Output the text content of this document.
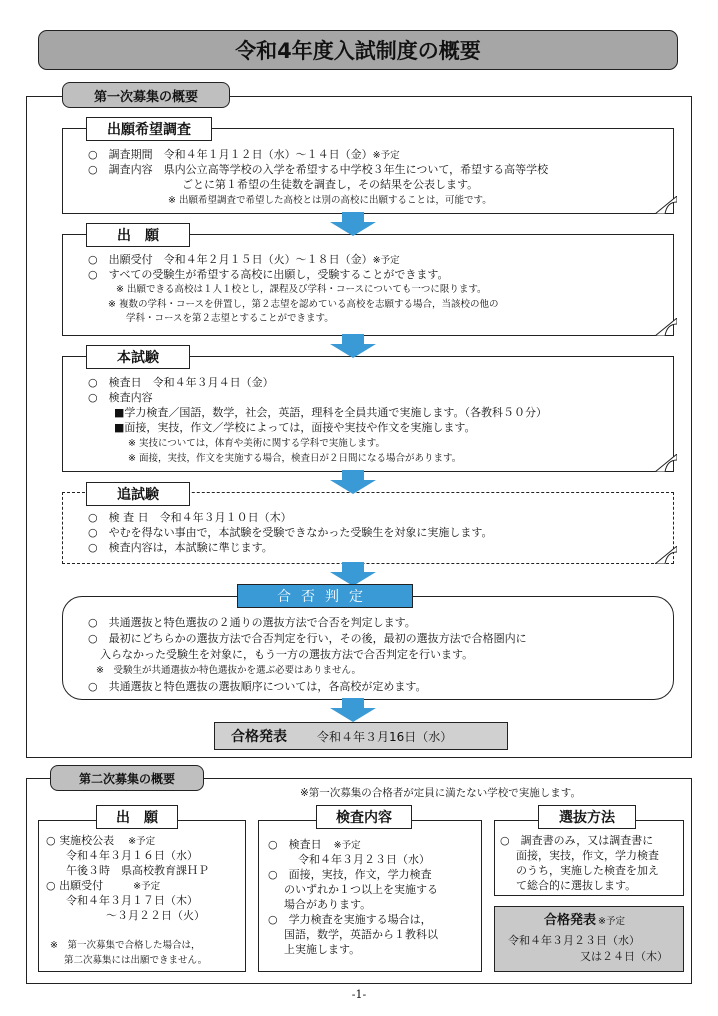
令和4年度入試制度の概要
第一次募集の概要
出願希望調査
○　調査期間　令和４年１月１２日（水）～１４日（金）※予定
○　調査内容　県内公立高等学校の入学を希望する中学校３年生について，希望する高等学校
ごとに第１希望の生徒数を調査し，その結果を公表します。
※ 出願希望調査で希望した高校とは別の高校に出願することは，可能です。
出　願
○　出願受付　令和４年２月１５日（火）～１８日（金）※予定
○　すべての受験生が希望する高校に出願し，受験することができます。
※ 出願できる高校は１人１校とし，課程及び学科・コースについても一つに限ります。
※ 複数の学科・コースを併置し，第２志望を認めている高校を志願する場合，当該校の他の
学科・コースを第２志望とすることができます。
本試験
○　検査日　令和４年３月４日（金）
○　検査内容
■学力検査／国語，数学，社会，英語，理科を全員共通で実施します。（各教科５０分）
■面接，実技，作文／学校によっては，面接や実技や作文を実施します。
※ 実技については，体育や美術に関する学科で実施します。
※ 面接，実技，作文を実施する場合，検査日が２日間になる場合があります。
追試験
○　検 査 日　令和４年３月１０日（木）
○　やむを得ない事由で，本試験を受験できなかった受験生を対象に実施します。
○　検査内容は，本試験に準じます。
合否判定
○　共通選抜と特色選抜の２通りの選抜方法で合否を判定します。
○　最初にどちらかの選抜方法で合否判定を行い，その後，最初の選抜方法で合格圏内に
入らなかった受験生を対象に，もう一方の選抜方法で合否判定を行います。
※　受験生が共通選抜か特色選抜かを選ぶ必要はありません。
○　共通選抜と特色選抜の選抜順序については，各高校が定めます。
合格発表	令和４年３月16日（水）
第二次募集の概要
※第一次募集の合格者が定員に満たない学校で実施します。
出　願
○ 実施校公表 ※予定
令和４年３月１６日（水）
午後３時　県高校教育課ＨＰ
○ 出願受付	※予定
令和４年３月１７日（木）
～３月２２日（火）
※　第一次募集で合格した場合は，
第二次募集には出願できません。
検査内容
○　検査日 ※予定
令和４年３月２３日（水）
○　面接，実技，作文，学力検査
のいずれか１つ以上を実施する
場合があります。
○　学力検査を実施する場合は，
国語，数学，英語から１教科以
上実施します。
選抜方法
○　調査書のみ，又は調査書に
面接，実技，作文，学力検査
のうち，実施した検査を加え
て総合的に選抜します。
合格発表 ※予定
令和４年３月２３日（水）
又は２４日（木）
-1-
